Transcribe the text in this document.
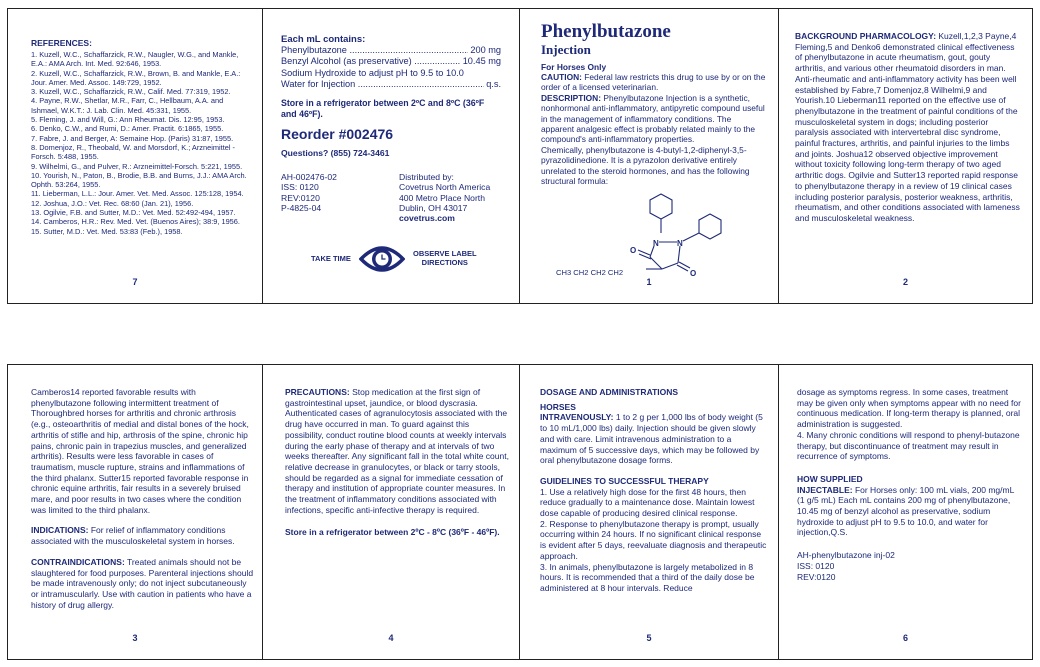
REFERENCES:
1. Kuzell, W.C., Schaffarzick, R.W., Naugler, W.G., and Mankle, E.A.: AMA Arch. Int. Med. 92:646, 1953.
2. Kuzell, W.C., Schaffarzick, R.W., Brown, B. and Mankle, E.A.: Jour. Amer. Med. Assoc. 149:729, 1952.
3. Kuzell, W.C., Schaffarzick, R.W., Calif. Med. 77:319, 1952.
4. Payne, R.W., Shetlar, M.R., Farr, C., Hellbaum, A.A. and Ishmael, W.K.T.: J. Lab. Clin. Med. 45:331, 1955.
5. Fleming, J. and Will, G.: Ann Rheumat. Dis. 12:95, 1953.
6. Denko, C.W., and Rumi, D.: Amer. Practit. 6:1865, 1955.
7. Fabre, J. and Berger, A: Semaine Hop. (Paris) 31:87, 1955.
8. Domenjoz, R., Theobald, W. and Morsdorf, K.; Arzneimittel - Forsch. 5:488, 1955.
9. Wilhelmi, G., and Pulver, R.: Arzneimittel-Forsch. 5:221, 1955.
10. Yourish, N., Paton, B., Brodie, B.B. and Burns, J.J.: AMA Arch. Ophth. 53:264, 1955.
11. Lieberman, L.L.: Jour. Amer. Vet. Med. Assoc. 125:128, 1954.
12. Joshua, J.O.: Vet. Rec. 68:60 (Jan. 21), 1956.
13. Ogilvie, F.B. and Sutter, M.D.: Vet. Med. 52:492-494, 1957.
14. Camberos, H.R.: Rev. Med. Vet. (Buenos Aires); 38:9, 1956.
15. Sutter, M.D.: Vet. Med. 53:83 (Feb.), 1958.
7
Each mL contains:
Phenylbutazone .....	200 mg
Benzyl Alcohol (as preservative) .....	10.45 mg
Sodium Hydroxide to adjust pH to 9.5 to 10.0
Water for Injection .....	q.s.
Store in a refrigerator between 2ºC and 8ºC (36ºF and 46ºF).
Reorder #002476
Questions? (855) 724-3461
AH-002476-02
ISS: 0120
REV:0120
P-4825-04
Distributed by:
Covetrus North America
400 Metro Place North
Dublin, OH 43017
covetrus.com
TAKE TIME
OBSERVE LABEL
DIRECTIONS
Phenylbutazone
Injection
For Horses Only
CAUTION: Federal law restricts this drug to use by or on the order of a licensed veterinarian.
DESCRIPTION: Phenylbutazone Injection is a synthetic, nonhormonal anti-inflammatory, antipyretic compound useful in the management of inflammatory conditions. The apparent analgesic effect is probably related mainly to the compound's anti-inflammatory properties.
Chemically, phenylbutazone is 4-butyl-1,2-diphenyl-3,5-pyrazolidinedione. It is a pyrazolon derivative entirely unrelated to the steroid hormones, and has the following structural formula:
N N
O
O
CH3 CH2 CH2 CH2
1
BACKGROUND PHARMACOLOGY: Kuzell,1,2,3 Payne,4 Fleming,5 and Denko6 demonstrated clinical effectiveness of phenylbutazone in acute rheumatism, gout, gouty arthritis, and various other rheumatoid disorders in man. Anti-rheumatic and anti-inflammatory activity has been well established by Fabre,7 Domenjoz,8 Wilhelmi,9 and Yourish.10 Lieberman11 reported on the effective use of phenylbutazone in the treatment of painful conditions of the musculoskeletal system in dogs; including posterior paralysis associated with intervertebral disc syndrome, painful fractures, arthritis, and painful injuries to the limbs and joints. Joshua12 observed objective improvement without toxicity following long-term therapy of two aged arthritic dogs. Ogilvie and Sutter13 reported rapid response to phenylbutazone therapy in a review of 19 clinical cases including posterior paralysis, posterior weakness, arthritis, rheumatism, and other conditions associated with lameness and musculoskeletal weakness.
2
Camberos14 reported favorable results with phenylbutazone following intermittent treatment of Thoroughbred horses for arthritis and chronic arthrosis (e.g., osteoarthritis of medial and distal bones of the hock, arthritis of stifle and hip, arthrosis of the spine, chronic hip pains, chronic pain in trapezius muscles, and generalized arthritis). Results were less favorable in cases of traumatism, muscle rupture, strains and inflammations of the third phalanx. Sutter15 reported favorable response in chronic equine arthritis, fair results in a severely bruised mare, and poor results in two cases where the condition was limited to the third phalanx.
INDICATIONS: For relief of inflammatory conditions associated with the musculoskeletal system in horses.
CONTRAINDICATIONS: Treated animals should not be slaughtered for food purposes. Parenteral injections should be made intravenously only; do not inject subcutaneously or intramuscularly. Use with caution in patients who have a history of drug allergy.
3
PRECAUTIONS: Stop medication at the first sign of gastrointestinal upset, jaundice, or blood dyscrasia. Authenticated cases of agranulocytosis associated with the drug have occurred in man. To guard against this possibility, conduct routine blood counts at weekly intervals during the early phase of therapy and at intervals of two weeks thereafter. Any significant fall in the total white count, relative decrease in granulocytes, or black or tarry stools, should be regarded as a signal for immediate cessation of therapy and institution of appropriate counter measures. In the treatment of inflammatory conditions associated with infections, specific anti-infective therapy is required.
Store in a refrigerator between 2ºC - 8ºC (36ºF - 46ºF).
4
DOSAGE AND ADMINISTRATIONS
HORSES
INTRAVENOUSLY: 1 to 2 g per 1,000 lbs of body weight (5 to 10 mL/1,000 lbs) daily. Injection should be given slowly and with care. Limit intravenous administration to a maximum of 5 successive days, which may be followed by oral phenylbutazone dosage forms.
GUIDELINES TO SUCCESSFUL THERAPY
1. Use a relatively high dose for the first 48 hours, then reduce gradually to a maintenance dose. Maintain lowest dose capable of producing desired clinical response.
2. Response to phenylbutazone therapy is prompt, usually occurring within 24 hours. If no significant clinical response is evident after 5 days, reevaluate diagnosis and therapeutic approach.
3. In animals, phenylbutazone is largely metabolized in 8 hours. It is recommended that a third of the daily dose be administered at 8 hour intervals. Reduce
5
dosage as symptoms regress. In some cases, treatment may be given only when symptoms appear with no need for continuous medication. If long-term therapy is planned, oral administration is suggested.
4. Many chronic conditions will respond to phenyl-butazone therapy, but discontinuance of treatment may result in recurrence of symptoms.
HOW SUPPLIED
INJECTABLE: For Horses only: 100 mL vials, 200 mg/mL (1 g/5 mL) Each mL contains 200 mg of phenylbutazone, 10.45 mg of benzyl alcohol as preservative, sodium hydroxide to adjust pH to 9.5 to 10.0, and water for injection,Q.S.
AH-phenylbutazone inj-02
ISS: 0120
REV:0120
6
